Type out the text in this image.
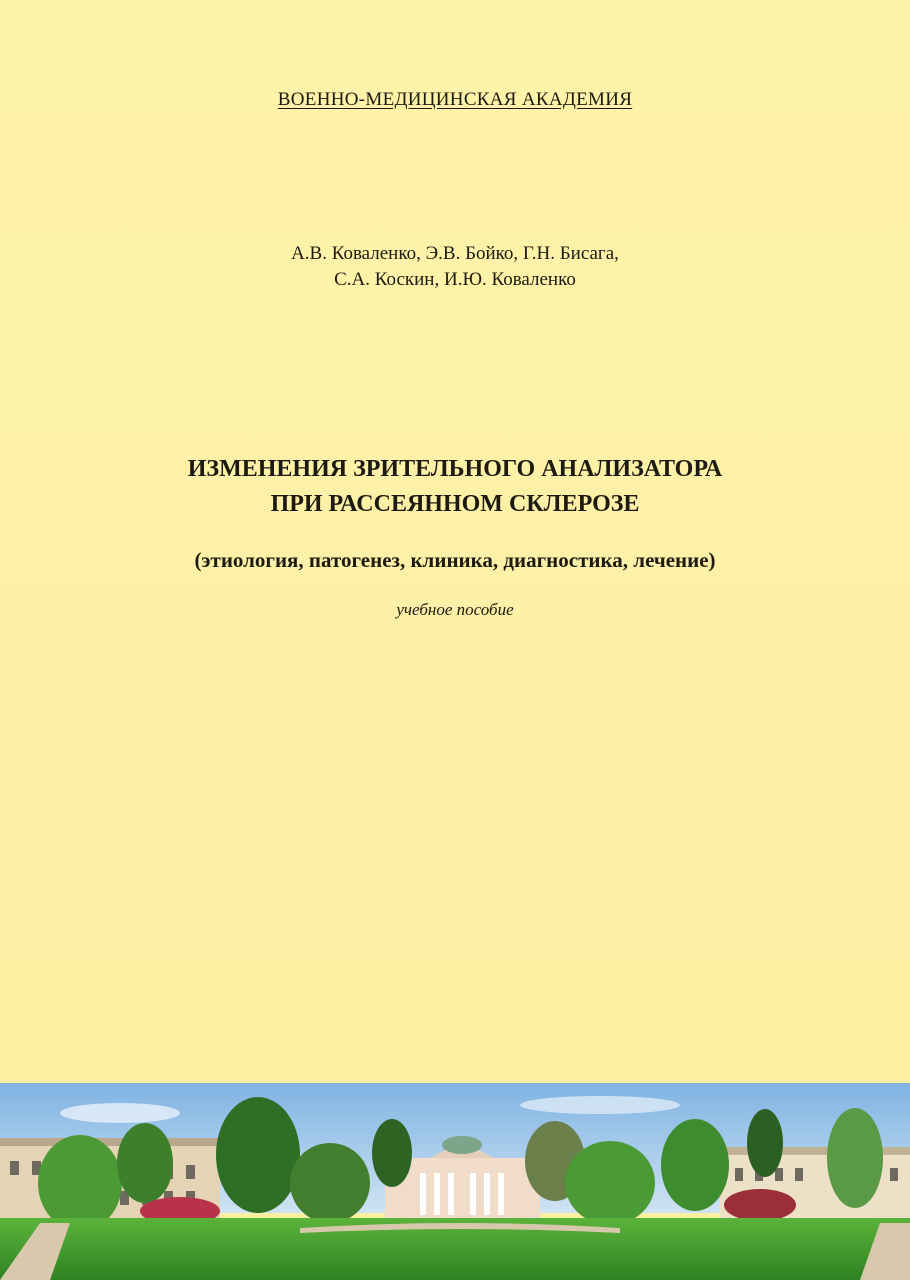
ВОЕННО-МЕДИЦИНСКАЯ АКАДЕМИЯ
А.В. Коваленко, Э.В. Бойко, Г.Н. Бисага,
С.А. Коскин, И.Ю. Коваленко
ИЗМЕНЕНИЯ ЗРИТЕЛЬНОГО АНАЛИЗАТОРА
ПРИ РАССЕЯННОМ СКЛЕРОЗЕ
(этиология, патогенез, клиника, диагностика, лечение)
учебное пособие
